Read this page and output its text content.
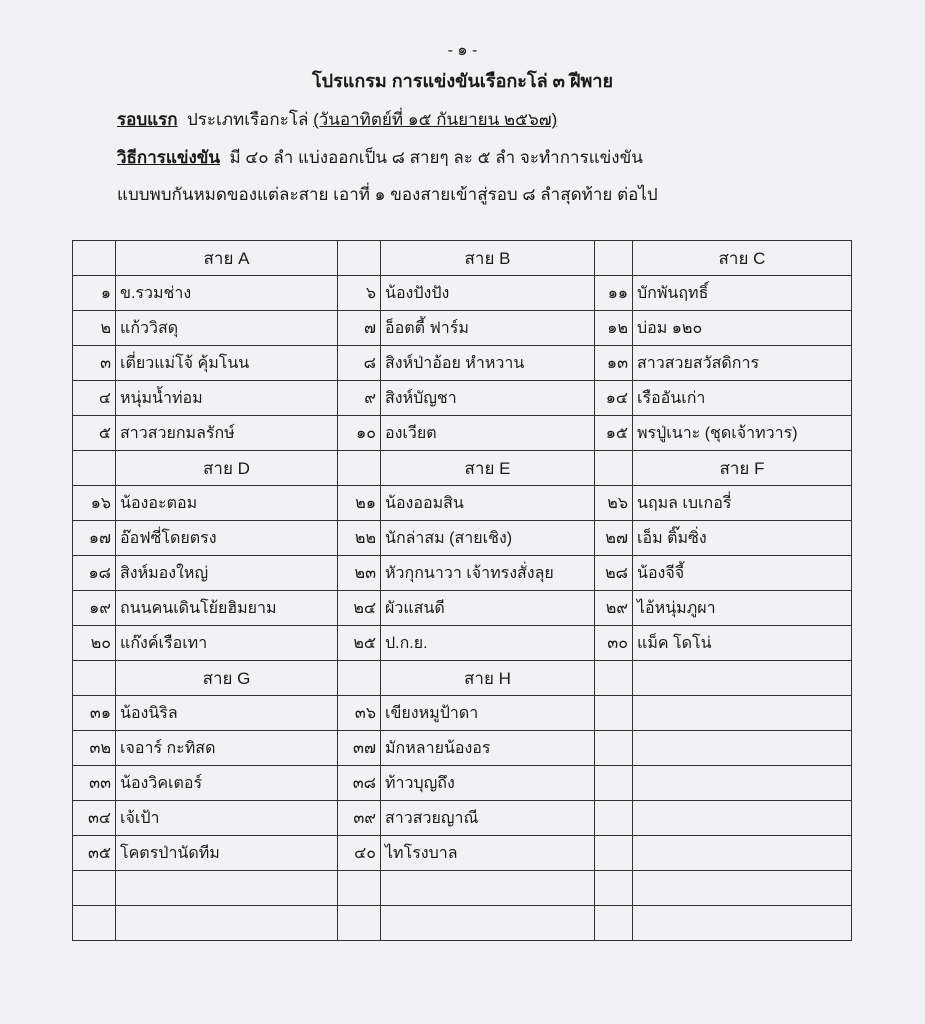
- ๑ -
โปรแกรม การแข่งขันเรือกะโล่ ๓ ฝีพาย
รอบแรก ประเภทเรือกะโล่ (วันอาทิตย์ที่ ๑๕ กันยายน ๒๕๖๗)
วิธีการแข่งขัน มี ๔๐ ลำ แบ่งออกเป็น ๘ สายๆ ละ ๕ ลำ จะทำการแข่งขัน
แบบพบกันหมดของแต่ละสาย เอาที่ ๑ ของสายเข้าสู่รอบ ๘ ลำสุดท้าย ต่อไป
	สาย A		สาย B		สาย C
๑	ข.รวมช่าง	๖	น้องปังปัง	๑๑	บักพันฤทธิ์
๒	แก้ววิสดุ	๗	อ็อตตี้ ฟาร์ม	๑๒	บ่อม ๑๒๐
๓	เตี่ยวแม่โจ้ คุ้มโนน	๘	สิงห์ป่าอ้อย หำหวาน	๑๓	สาวสวยสวัสดิการ
๔	หนุ่มน้ำท่อม	๙	สิงห์บัญชา	๑๔	เรืออันเก่า
๕	สาวสวยกมลรักษ์	๑๐	องเวียต	๑๕	พรปู่เนาะ (ชุดเจ้าทวาร)
	สาย D		สาย E		สาย F
๑๖	น้องอะตอม	๒๑	น้องออมสิน	๒๖	นฤมล เบเกอรี่
๑๗	อ๊อฟซี่โดยตรง	๒๒	นักล่าสม (สายเชิง)	๒๗	เอ็ม ติ๊มซิ่ง
๑๘	สิงห์มองใหญ่	๒๓	หัวกุกนาวา เจ้าทรงสั่งลุย	๒๘	น้องจีจี้
๑๙	ถนนคนเดินโย้ยฮิมยาม	๒๔	ผัวแสนดี	๒๙	ไอ้หนุ่มภูผา
๒๐	แก๊งค์เรือเทา	๒๕	ป.ก.ย.	๓๐	แม็ค โดโน่
	สาย G		สาย H		
๓๑	น้องนิริล	๓๖	เขียงหมูป้าดา		
๓๒	เจอาร์ กะทิสด	๓๗	มักหลายน้องอร		
๓๓	น้องวิคเตอร์	๓๘	ท้าวบุญถึง		
๓๔	เจ้เป้า	๓๙	สาวสวยญาณี		
๓๕	โคตรป่านัดทีม	๔๐	ไทโรงบาล		
